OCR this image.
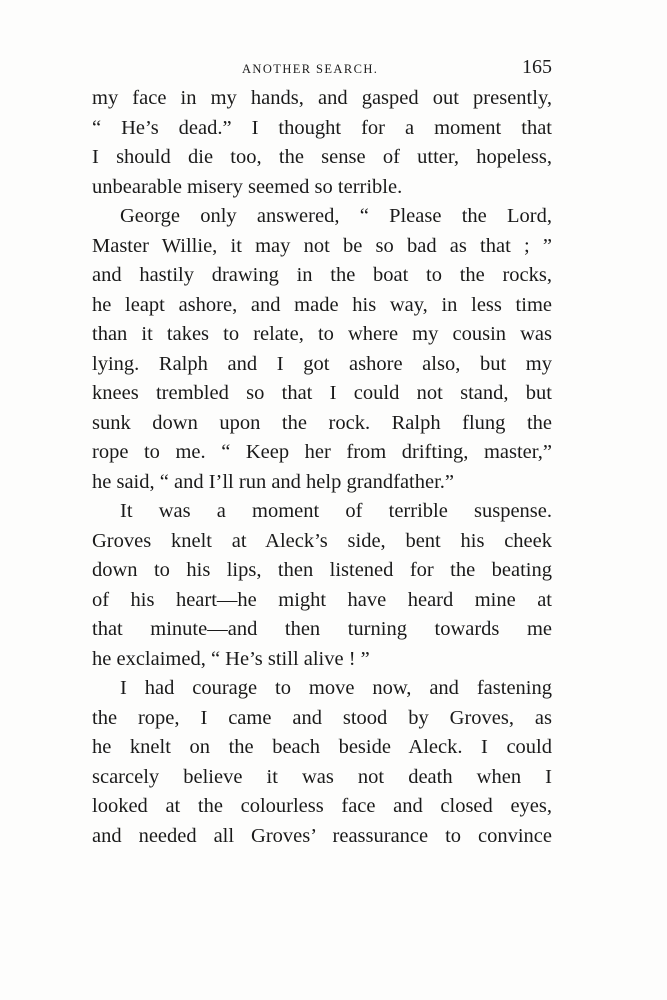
ANOTHER SEARCH.	165
my face in my hands, and gasped out presently,
“ He’s dead.” I thought for a moment that
I should die too, the sense of utter, hopeless,
unbearable misery seemed so terrible.
George only answered, “ Please the Lord,
Master Willie, it may not be so bad as that ; ”
and hastily drawing in the boat to the rocks,
he leapt ashore, and made his way, in less time
than it takes to relate, to where my cousin was
lying. Ralph and I got ashore also, but my
knees trembled so that I could not stand, but
sunk down upon the rock. Ralph flung the
rope to me. “ Keep her from drifting, master,”
he said, “ and I’ll run and help grandfather.”
It was a moment of terrible suspense.
Groves knelt at Aleck’s side, bent his cheek
down to his lips, then listened for the beating
of his heart—he might have heard mine at
that minute—and then turning towards me
he exclaimed, “ He’s still alive ! ”
I had courage to move now, and fastening
the rope, I came and stood by Groves, as
he knelt on the beach beside Aleck. I could
scarcely believe it was not death when I
looked at the colourless face and closed eyes,
and needed all Groves’ reassurance to convince
